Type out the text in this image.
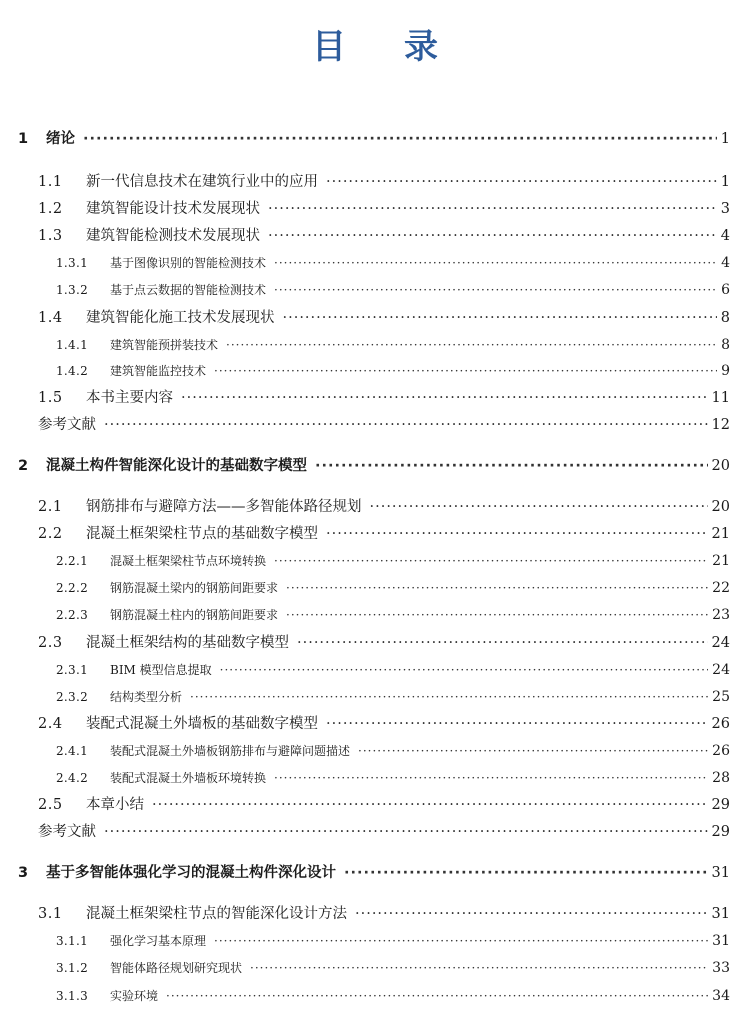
目 录
1	绪论 ·····	1
1.1	新一代信息技术在建筑行业中的应用 ·····	1
1.2	建筑智能设计技术发展现状 ·····	3
1.3	建筑智能检测技术发展现状 ·····	4
1.3.1	基于图像识别的智能检测技术 ·····	4
1.3.2	基于点云数据的智能检测技术 ·····	6
1.4	建筑智能化施工技术发展现状 ·····	8
1.4.1	建筑智能预拼装技术 ·····	8
1.4.2	建筑智能监控技术 ·····	9
1.5	本书主要内容 ·····	11
参考文献 ·····	12
2	混凝土构件智能深化设计的基础数字模型 ·····	20
2.1	钢筋排布与避障方法——多智能体路径规划 ·····	20
2.2	混凝土框架梁柱节点的基础数字模型 ·····	21
2.2.1	混凝土框架梁柱节点环境转换 ·····	21
2.2.2	钢筋混凝土梁内的钢筋间距要求 ·····	22
2.2.3	钢筋混凝土柱内的钢筋间距要求 ·····	23
2.3	混凝土框架结构的基础数字模型 ·····	24
2.3.1	BIM 模型信息提取 ·····	24
2.3.2	结构类型分析 ·····	25
2.4	装配式混凝土外墙板的基础数字模型 ·····	26
2.4.1	装配式混凝土外墙板钢筋排布与避障问题描述 ·····	26
2.4.2	装配式混凝土外墙板环境转换 ·····	28
2.5	本章小结 ·····	29
参考文献 ·····	29
3	基于多智能体强化学习的混凝土构件深化设计 ·····	31
3.1	混凝土框架梁柱节点的智能深化设计方法 ·····	31
3.1.1	强化学习基本原理 ·····	31
3.1.2	智能体路径规划研究现状 ·····	33
3.1.3	实验环境 ·····	34
